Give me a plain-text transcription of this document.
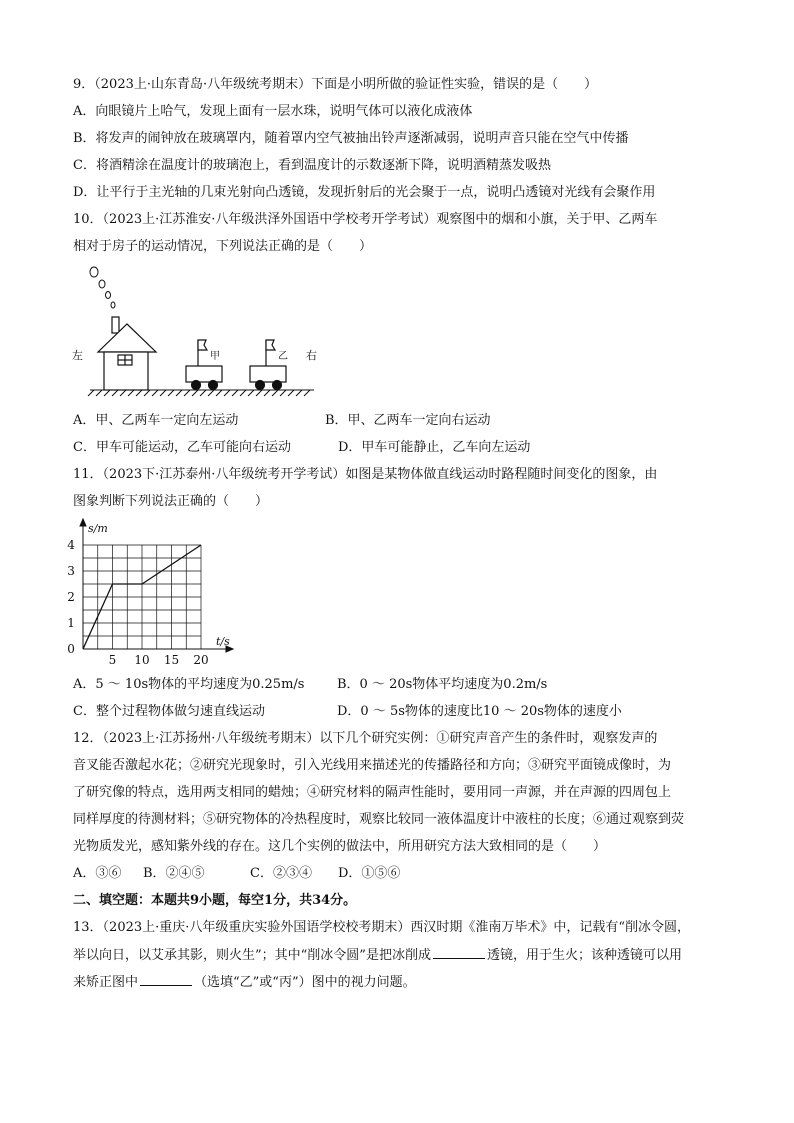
9．（2023上·山东青岛·八年级统考期末）下面是小明所做的验证性实验，错误的是（　　）
A．向眼镜片上哈气，发现上面有一层水珠，说明气体可以液化成液体
B．将发声的闹钟放在玻璃罩内，随着罩内空气被抽出铃声逐渐减弱，说明声音只能在空气中传播
C．将酒精涂在温度计的玻璃泡上，看到温度计的示数逐渐下降，说明酒精蒸发吸热
D．让平行于主光轴的几束光射向凸透镜，发现折射后的光会聚于一点，说明凸透镜对光线有会聚作用
10．（2023上·江苏淮安·八年级洪泽外国语中学校考开学考试）观察图中的烟和小旗，关于甲、乙两车
相对于房子的运动情况，下列说法正确的是（　　）
左	右
甲	乙
A．甲、乙两车一定向左运动	B．甲、乙两车一定向右运动
C．甲车可能运动，乙车可能向右运动	D．甲车可能静止，乙车向左运动
11．（2023下·江苏泰州·八年级统考开学考试）如图是某物体做直线运动时路程随时间变化的图象，由
图象判断下列说法正确的（　　）
s/m
t/s
0
5 10 15 20
1
2
3
4
A．5 ～ 10s物体的平均速度为0.25m/s	B．0 ～ 20s物体平均速度为0.2m/s
C．整个过程物体做匀速直线运动	D．0 ～ 5s物体的速度比10 ～ 20s物体的速度小
12．（2023上·江苏扬州·八年级统考期末）以下几个研究实例：①研究声音产生的条件时，观察发声的
音叉能否激起水花；②研究光现象时，引入光线用来描述光的传播路径和方向；③研究平面镜成像时，为
了研究像的特点，选用两支相同的蜡烛；④研究材料的隔声性能时，要用同一声源，并在声源的四周包上
同样厚度的待测材料；⑤研究物体的冷热程度时，观察比较同一液体温度计中液柱的长度；⑥通过观察到荧
光物质发光，感知紫外线的存在。这几个实例的做法中，所用研究方法大致相同的是（　　）
A．③⑥ B．②④⑤	C．②③④ D．①⑤⑥
二、填空题：本题共9小题，每空1分，共34分。
13．（2023上·重庆·八年级重庆实验外国语学校校考期末）西汉时期《淮南万毕术》中，记载有“削冰令圆，
举以向日，以艾承其影，则火生”；其中“削冰令圆”是把冰削成	透镜，用于生火；该种透镜可以用
来矫正图中	（选填“乙”或“丙”）图中的视力问题。
